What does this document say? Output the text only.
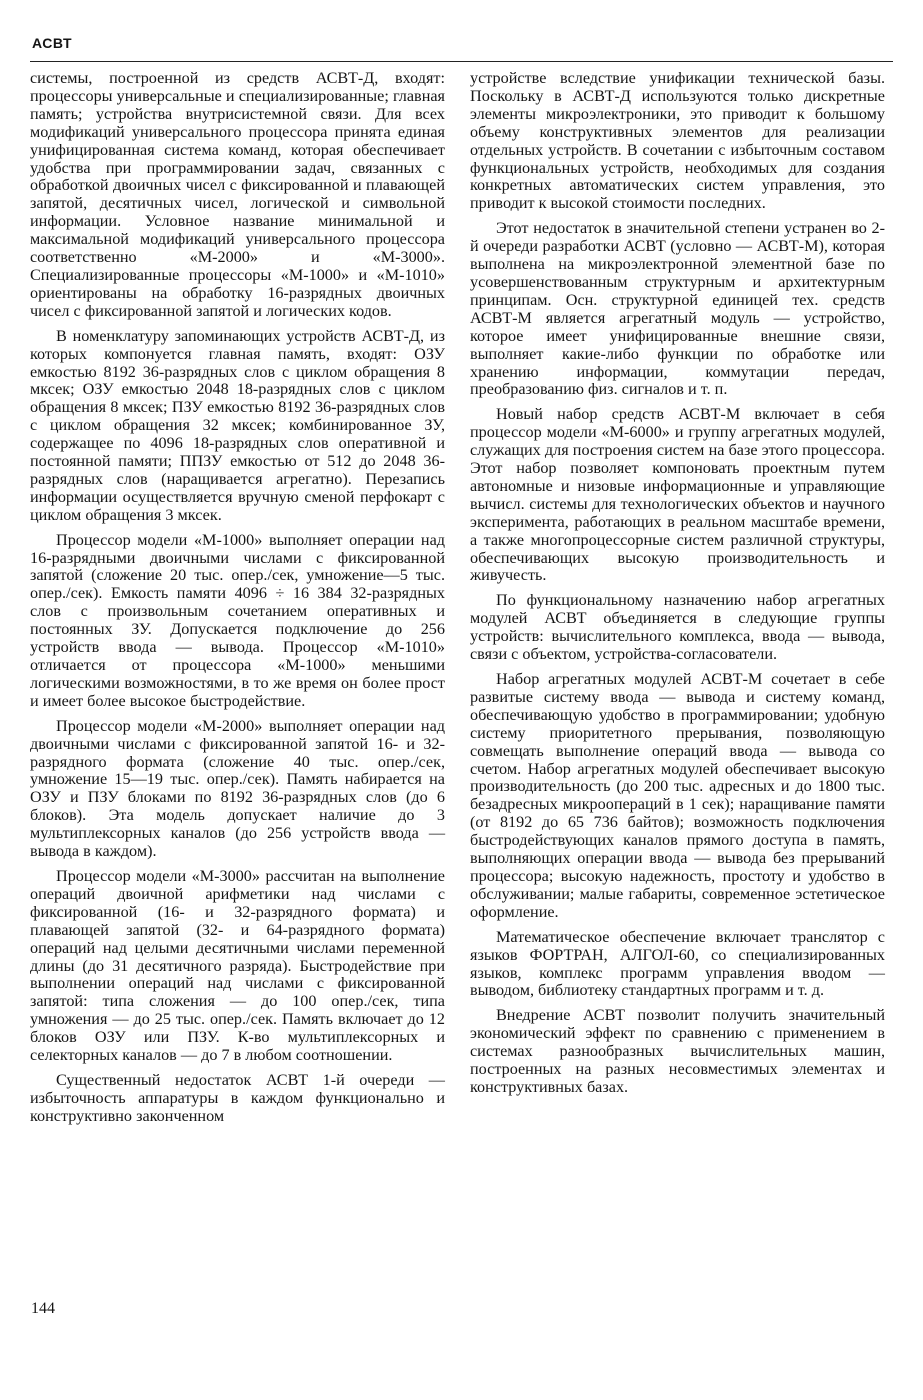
АСВТ

системы, построенной из средств АСВТ-Д, входят: процессоры универсальные и специализированные; главная память; устройства внутрисистемной связи. Для всех модификаций универсального процессора принята единая унифицированная система команд, которая обеспечивает удобства при программировании задач, связанных с обработкой двоичных чисел с фиксированной и плавающей запятой, десятичных чисел, логической и символьной информации. Условное название минимальной и максимальной модификаций универсального процессора соответственно «М-2000» и «М-3000». Специализированные процессоры «М-1000» и «М-1010» ориентированы на обработку 16-разрядных двоичных чисел с фиксированной запятой и логических кодов.

В номенклатуру запоминающих устройств АСВТ-Д, из которых компонуется главная память, входят: ОЗУ емкостью 8192 36-разрядных слов с циклом обращения 8 мксек; ОЗУ емкостью 2048 18-разрядных слов с циклом обращения 8 мксек; ПЗУ емкостью 8192 36-разрядных слов с циклом обращения 32 мксек; комбинированное ЗУ, содержащее по 4096 18-разрядных слов оперативной и постоянной памяти; ППЗУ емкостью от 512 до 2048 36-разрядных слов (наращивается агрегатно). Перезапись информации осуществляется вручную сменой перфокарт с циклом обращения 3 мксек.

Процессор модели «М-1000» выполняет операции над 16-разрядными двоичными числами с фиксированной запятой (сложение 20 тыс. опер./сек, умножение—5 тыс. опер./сек). Емкость памяти 4096 ÷ 16 384 32-разрядных слов с произвольным сочетанием оперативных и постоянных ЗУ. Допускается подключение до 256 устройств ввода — вывода. Процессор «М-1010» отличается от процессора «М-1000» меньшими логическими возможностями, в то же время он более прост и имеет более высокое быстродействие.

Процессор модели «М-2000» выполняет операции над двоичными числами с фиксированной запятой 16- и 32-разрядного формата (сложение 40 тыс. опер./сек, умножение 15—19 тыс. опер./сек). Память набирается на ОЗУ и ПЗУ блоками по 8192 36-разрядных слов (до 6 блоков). Эта модель допускает наличие до 3 мультиплексорных каналов (до 256 устройств ввода — вывода в каждом).

Процессор модели «М-3000» рассчитан на выполнение операций двоичной арифметики над числами с фиксированной (16- и 32-разрядного формата) и плавающей запятой (32- и 64-разрядного формата) операций над целыми десятичными числами переменной длины (до 31 десятичного разряда). Быстродействие при выполнении операций над числами с фиксированной запятой: типа сложения — до 100 опер./сек, типа умножения — до 25 тыс. опер./сек. Память включает до 12 блоков ОЗУ или ПЗУ. К-во мультиплексорных и селекторных каналов — до 7 в любом соотношении.

Существенный недостаток АСВТ 1-й очереди — избыточность аппаратуры в каждом функционально и конструктивно законченном

устройстве вследствие унификации технической базы. Поскольку в АСВТ-Д используются только дискретные элементы микроэлектроники, это приводит к большому объему конструктивных элементов для реализации отдельных устройств. В сочетании с избыточным составом функциональных устройств, необходимых для создания конкретных автоматических систем управления, это приводит к высокой стоимости последних.

Этот недостаток в значительной степени устранен во 2-й очереди разработки АСВТ (условно — АСВТ-М), которая выполнена на микроэлектронной элементной базе по усовершенствованным структурным и архитектурным принципам. Осн. структурной единицей тех. средств АСВТ-М является агрегатный модуль — устройство, которое имеет унифицированные внешние связи, выполняет какие-либо функции по обработке или хранению информации, коммутации передач, преобразованию физ. сигналов и т. п.

Новый набор средств АСВТ-М включает в себя процессор модели «М-6000» и группу агрегатных модулей, служащих для построения систем на базе этого процессора. Этот набор позволяет компоновать проектным путем автономные и низовые информационные и управляющие вычисл. системы для технологических объектов и научного эксперимента, работающих в реальном масштабе времени, а также многопроцессорные систем различной структуры, обеспечивающих высокую производительность и живучесть.

По функциональному назначению набор агрегатных модулей АСВТ объединяется в следующие группы устройств: вычислительного комплекса, ввода — вывода, связи с объектом, устройства-согласователи.

Набор агрегатных модулей АСВТ-М сочетает в себе развитые систему ввода — вывода и систему команд, обеспечивающую удобство в программировании; удобную систему приоритетного прерывания, позволяющую совмещать выполнение операций ввода — вывода со счетом. Набор агрегатных модулей обеспечивает высокую производительность (до 200 тыс. адресных и до 1800 тыс. безадресных микроопераций в 1 сек); наращивание памяти (от 8192 до 65 736 байтов); возможность подключения быстродействующих каналов прямого доступа в память, выполняющих операции ввода — вывода без прерываний процессора; высокую надежность, простоту и удобство в обслуживании; малые габариты, современное эстетическое оформление.

Математическое обеспечение включает транслятор с языков ФОРТРАН, АЛГОЛ-60, со специализированных языков, комплекс программ управления вводом — выводом, библиотеку стандартных программ и т. д.

Внедрение АСВТ позволит получить значительный экономический эффект по сравнению с применением в системах разнообразных вычислительных машин, построенных на разных несовместимых элементах и конструктивных базах.

144
